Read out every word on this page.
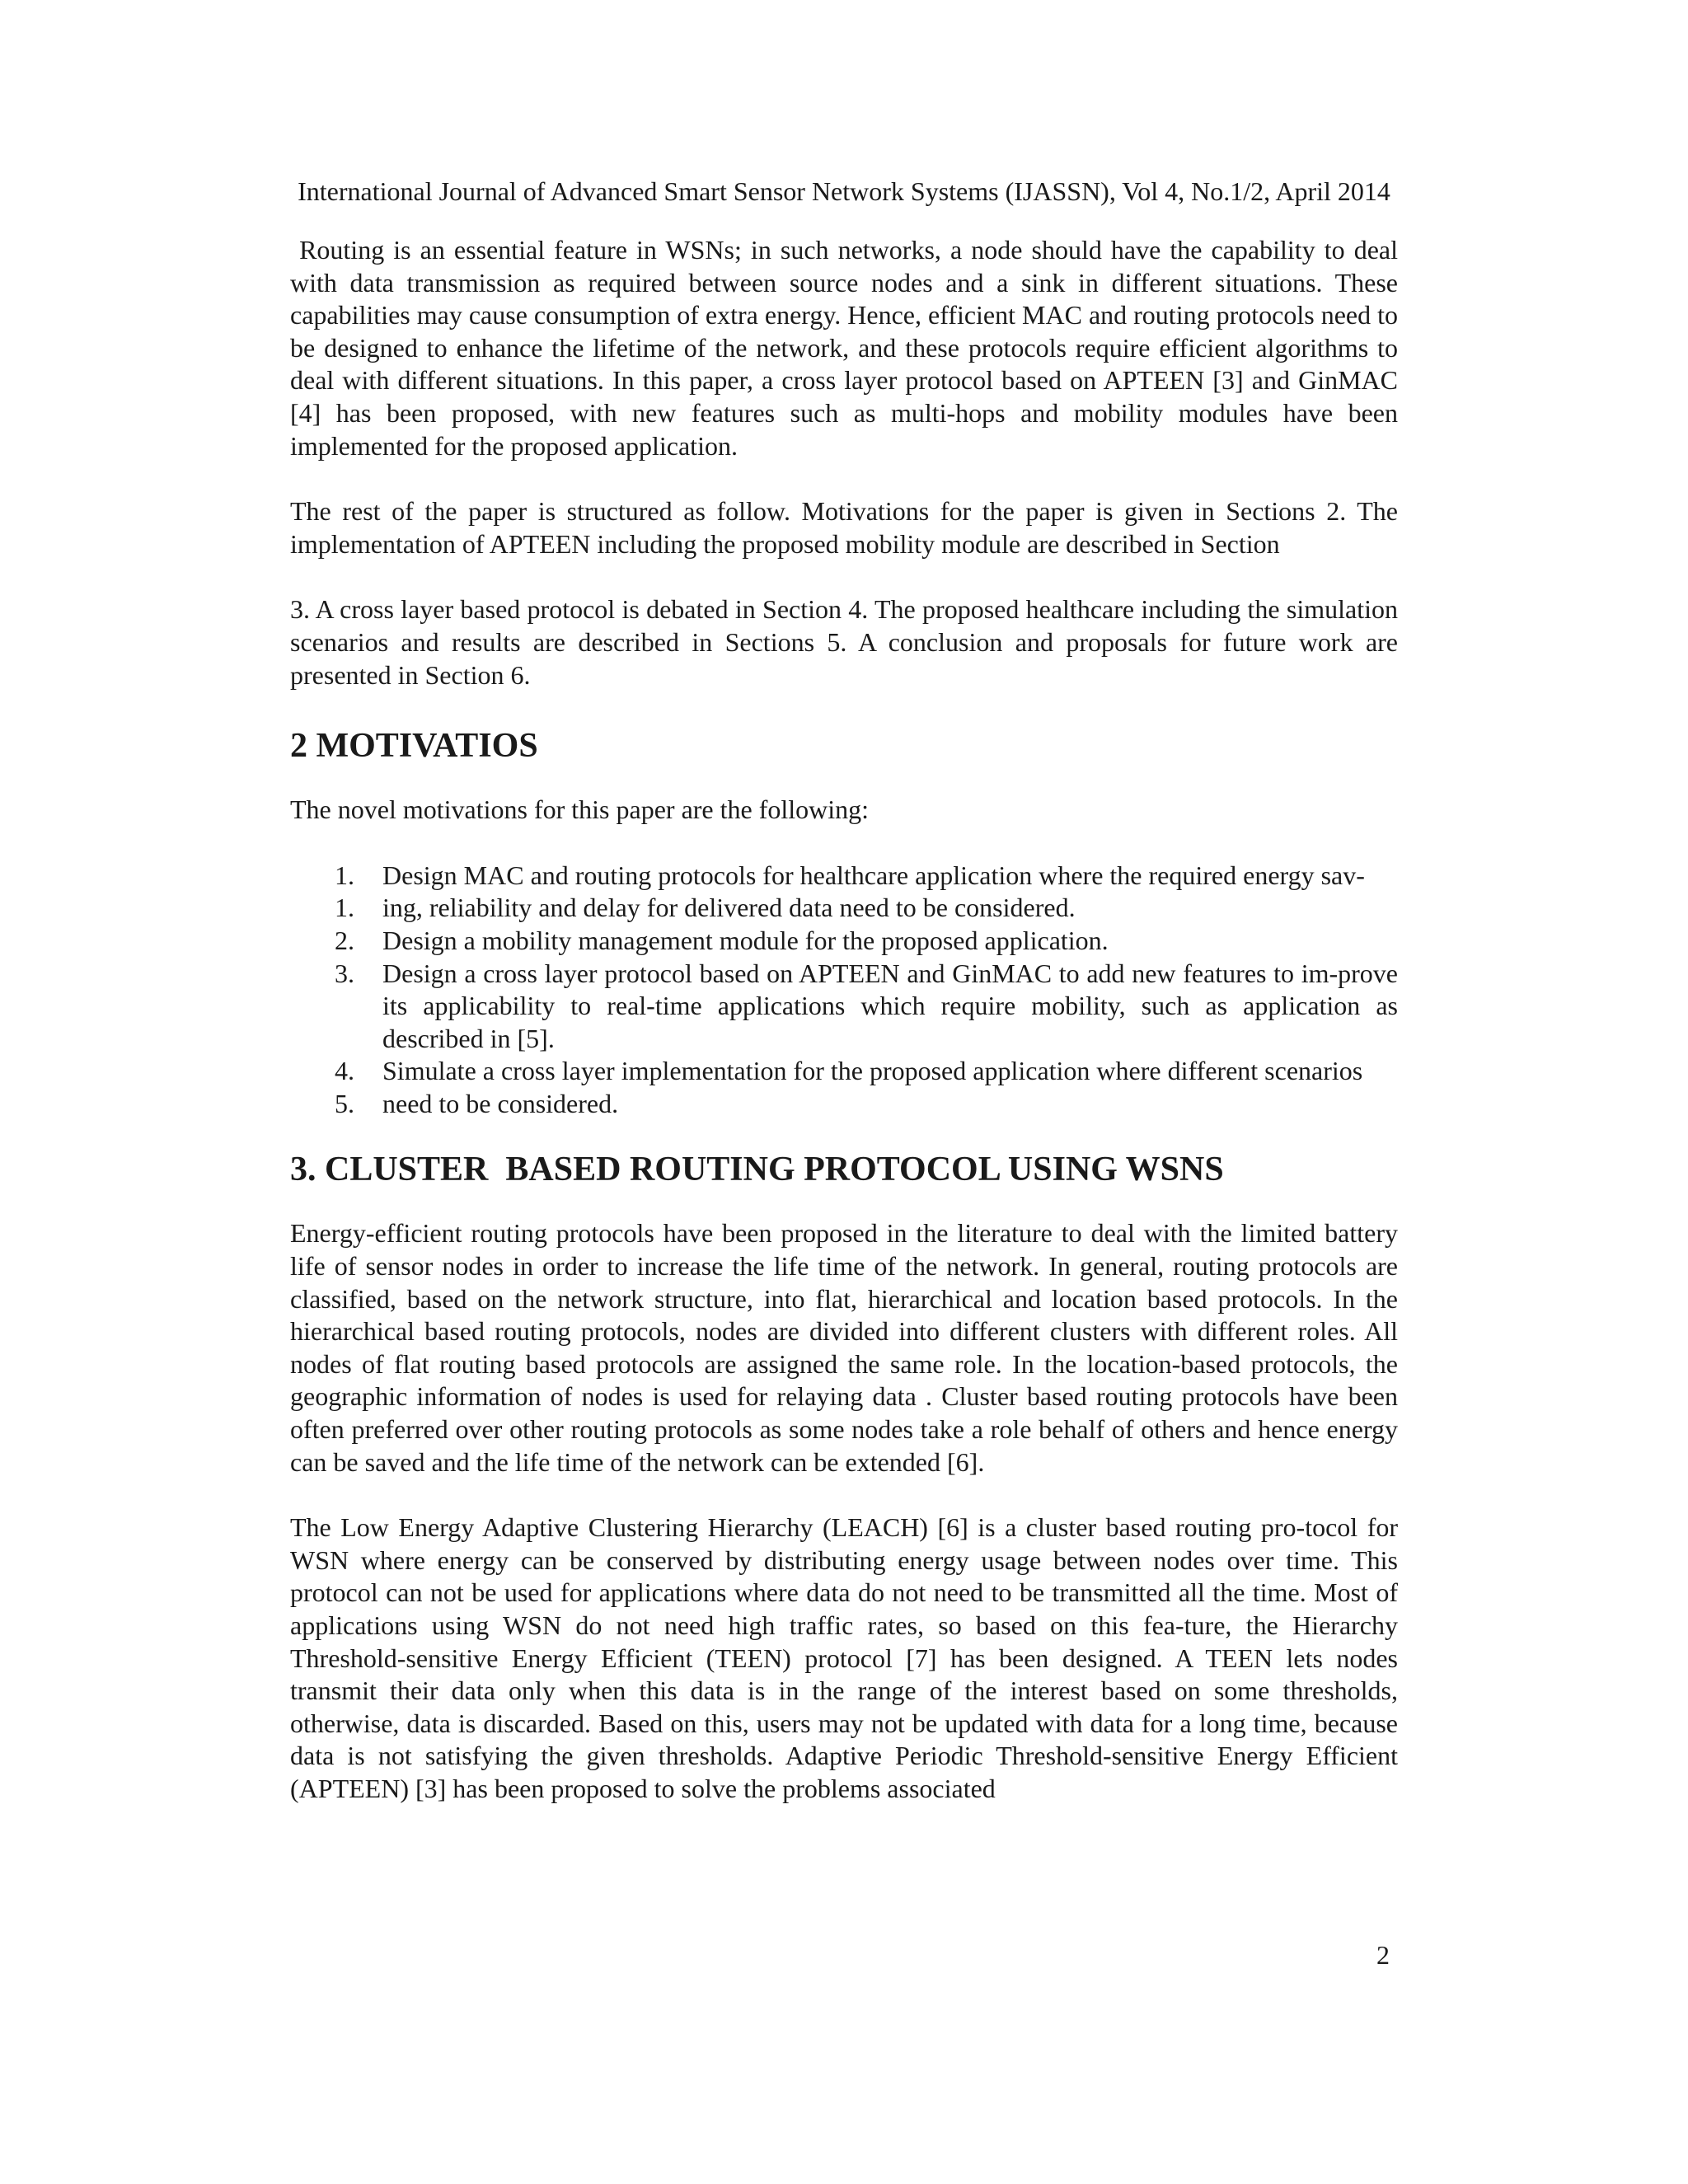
International Journal of Advanced Smart Sensor Network Systems (IJASSN), Vol 4, No.1/2, April 2014

Routing is an essential feature in WSNs; in such networks, a node should have the capability to deal with data transmission as required between source nodes and a sink in different situations. These capabilities may cause consumption of extra energy. Hence, efficient MAC and routing protocols need to be designed to enhance the lifetime of the network, and these protocols require efficient algorithms to deal with different situations. In this paper, a cross layer protocol based on APTEEN [3] and GinMAC [4] has been proposed, with new features such as multi-hops and mobility modules have been implemented for the proposed application.

The rest of the paper is structured as follow. Motivations for the paper is given in Sections 2. The implementation of APTEEN including the proposed mobility module are described in Section

3. A cross layer based protocol is debated in Section 4. The proposed healthcare including the simulation scenarios and results are described in Sections 5. A conclusion and proposals for future work are presented in Section 6.

2 MOTIVATIOS

The novel motivations for this paper are the following:

1. Design MAC and routing protocols for healthcare application where the required energy sav-
1. ing, reliability and delay for delivered data need to be considered.
2. Design a mobility management module for the proposed application.
3. Design a cross layer protocol based on APTEEN and GinMAC to add new features to im-prove its applicability to real-time applications which require mobility, such as application as described in [5].
4. Simulate a cross layer implementation for the proposed application where different scenarios
5. need to be considered.
3. CLUSTER  BASED ROUTING PROTOCOL USING WSNS

Energy-efficient routing protocols have been proposed in the literature to deal with the limited battery life of sensor nodes in order to increase the life time of the network. In general, routing protocols are classified, based on the network structure, into flat, hierarchical and location based protocols. In the hierarchical based routing protocols, nodes are divided into different clusters with different roles. All nodes of flat routing based protocols are assigned the same role. In the location-based protocols, the geographic information of nodes is used for relaying data . Cluster based routing protocols have been often preferred over other routing protocols as some nodes take a role behalf of others and hence energy can be saved and the life time of the network can be extended [6].

The Low Energy Adaptive Clustering Hierarchy (LEACH) [6] is a cluster based routing pro-tocol for WSN where energy can be conserved by distributing energy usage between nodes over time. This protocol can not be used for applications where data do not need to be transmitted all the time. Most of applications using WSN do not need high traffic rates, so based on this fea-ture, the Hierarchy Threshold-sensitive Energy Efficient (TEEN) protocol [7] has been designed. A TEEN lets nodes transmit their data only when this data is in the range of the interest based on some thresholds, otherwise, data is discarded. Based on this, users may not be updated with data for a long time, because data is not satisfying the given thresholds. Adaptive Periodic Threshold-sensitive Energy Efficient (APTEEN) [3] has been proposed to solve the problems associated

2
